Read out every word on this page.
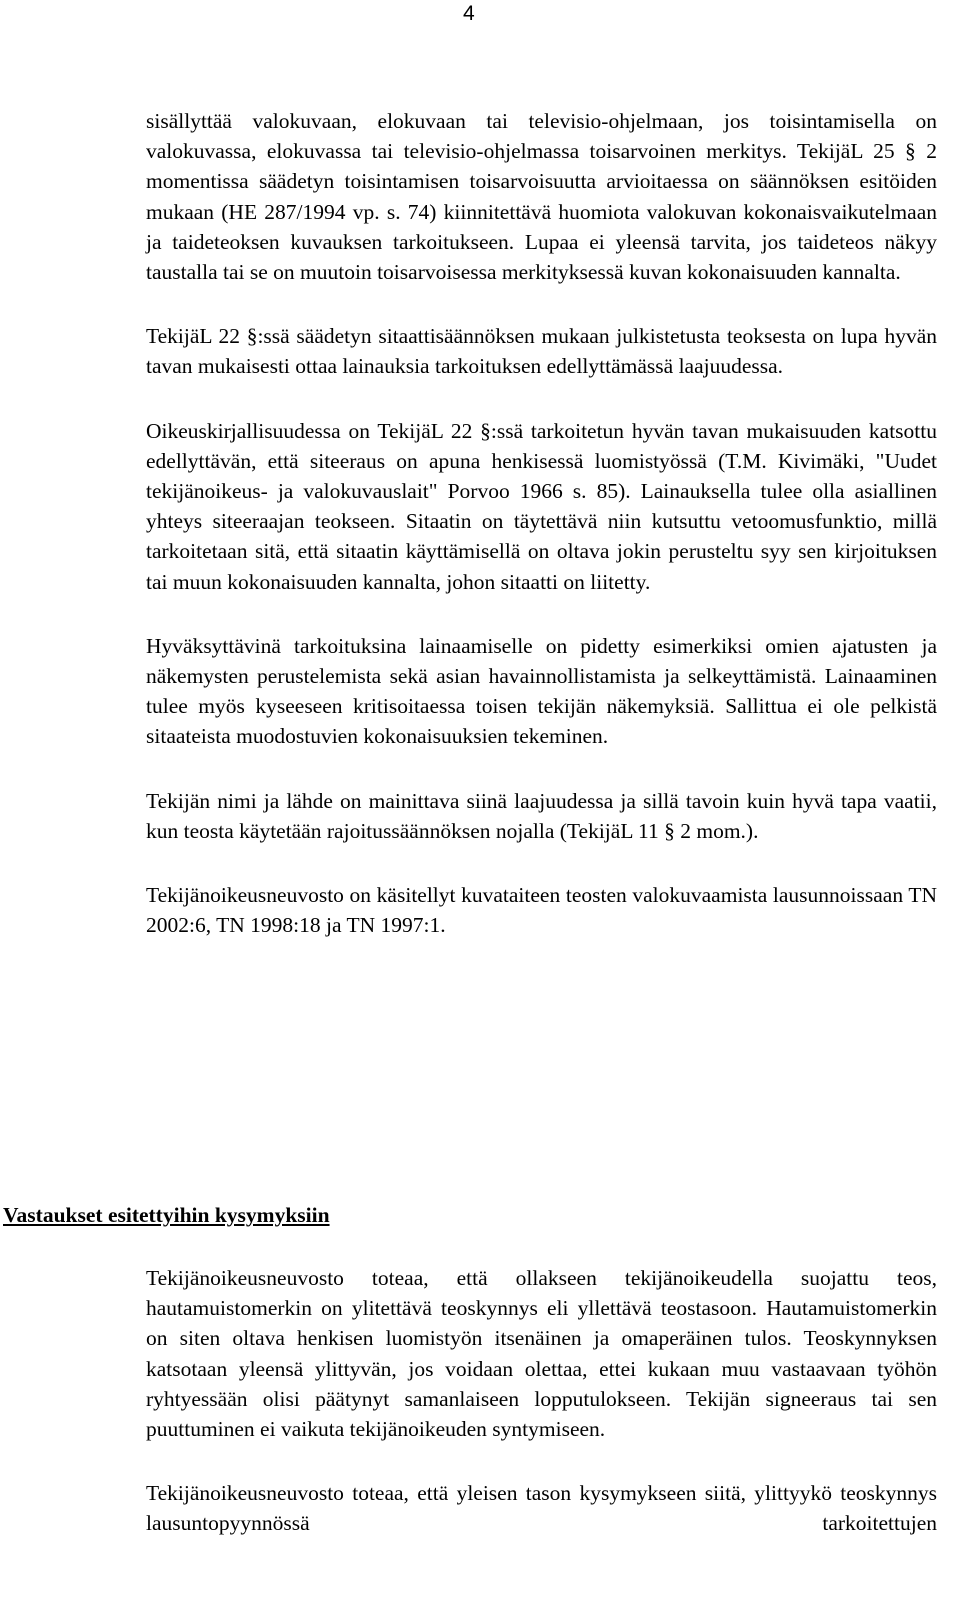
4

sisällyttää valokuvaan, elokuvaan tai televisio-ohjelmaan, jos toisintamisella on valokuvassa, elokuvassa tai televisio-ohjelmassa toisarvoinen merkitys. TekijäL 25 § 2 momentissa säädetyn toisintamisen toisarvoisuutta arvioitaessa on säännöksen esitöiden mukaan (HE 287/1994 vp. s. 74) kiinnitettävä huomiota valokuvan kokonaisvaikutelmaan ja taideteoksen kuvauksen tarkoitukseen. Lupaa ei yleensä tarvita, jos taideteos näkyy taustalla tai se on muutoin toisarvoisessa merkityksessä kuvan kokonaisuuden kannalta.

TekijäL 22 §:ssä säädetyn sitaattisäännöksen mukaan julkistetusta teoksesta on lupa hyvän tavan mukaisesti ottaa lainauksia tarkoituksen edellyttämässä laajuudessa.

Oikeuskirjallisuudessa on TekijäL 22 §:ssä tarkoitetun hyvän tavan mukaisuuden katsottu edellyttävän, että siteeraus on apuna henkisessä luomistyössä (T.M. Kivimäki, "Uudet tekijänoikeus- ja valokuvauslait" Porvoo 1966 s. 85). Lainauksella tulee olla asiallinen yhteys siteeraajan teokseen. Sitaatin on täytettävä niin kutsuttu vetoomusfunktio, millä tarkoitetaan sitä, että sitaatin käyttämisellä on oltava jokin perusteltu syy sen kirjoituksen tai muun kokonaisuuden kannalta, johon sitaatti on liitetty.

Hyväksyttävinä tarkoituksina lainaamiselle on pidetty esimerkiksi omien ajatusten ja näkemysten perustelemista sekä asian havainnollistamista ja selkeyttämistä. Lainaaminen tulee myös kyseeseen kritisoitaessa toisen tekijän näkemyksiä. Sallittua ei ole pelkistä sitaateista muodostuvien kokonaisuuksien tekeminen.

Tekijän nimi ja lähde on mainittava siinä laajuudessa ja sillä tavoin kuin hyvä tapa vaatii, kun teosta käytetään rajoitussäännöksen nojalla (TekijäL 11 § 2 mom.).

Tekijänoikeusneuvosto on käsitellyt kuvataiteen teosten valokuvaamista lausunnoissaan TN 2002:6, TN 1998:18 ja TN 1997:1.

Vastaukset esitettyihin kysymyksiin

Tekijänoikeusneuvosto toteaa, että ollakseen tekijänoikeudella suojattu teos, hautamuistomerkin on ylitettävä teoskynnys eli yllettävä teostasoon. Hautamuistomerkin on siten oltava henkisen luomistyön itsenäinen ja omaperäinen tulos. Teoskynnyksen katsotaan yleensä ylittyvän, jos voidaan olettaa, ettei kukaan muu vastaavaan työhön ryhtyessään olisi päätynyt samanlaiseen lopputulokseen. Tekijän signeeraus tai sen puuttuminen ei vaikuta tekijänoikeuden syntymiseen.

Tekijänoikeusneuvosto toteaa, että yleisen tason kysymykseen siitä, ylittyykö teoskynnys lausuntopyynnössä tarkoitettujen
